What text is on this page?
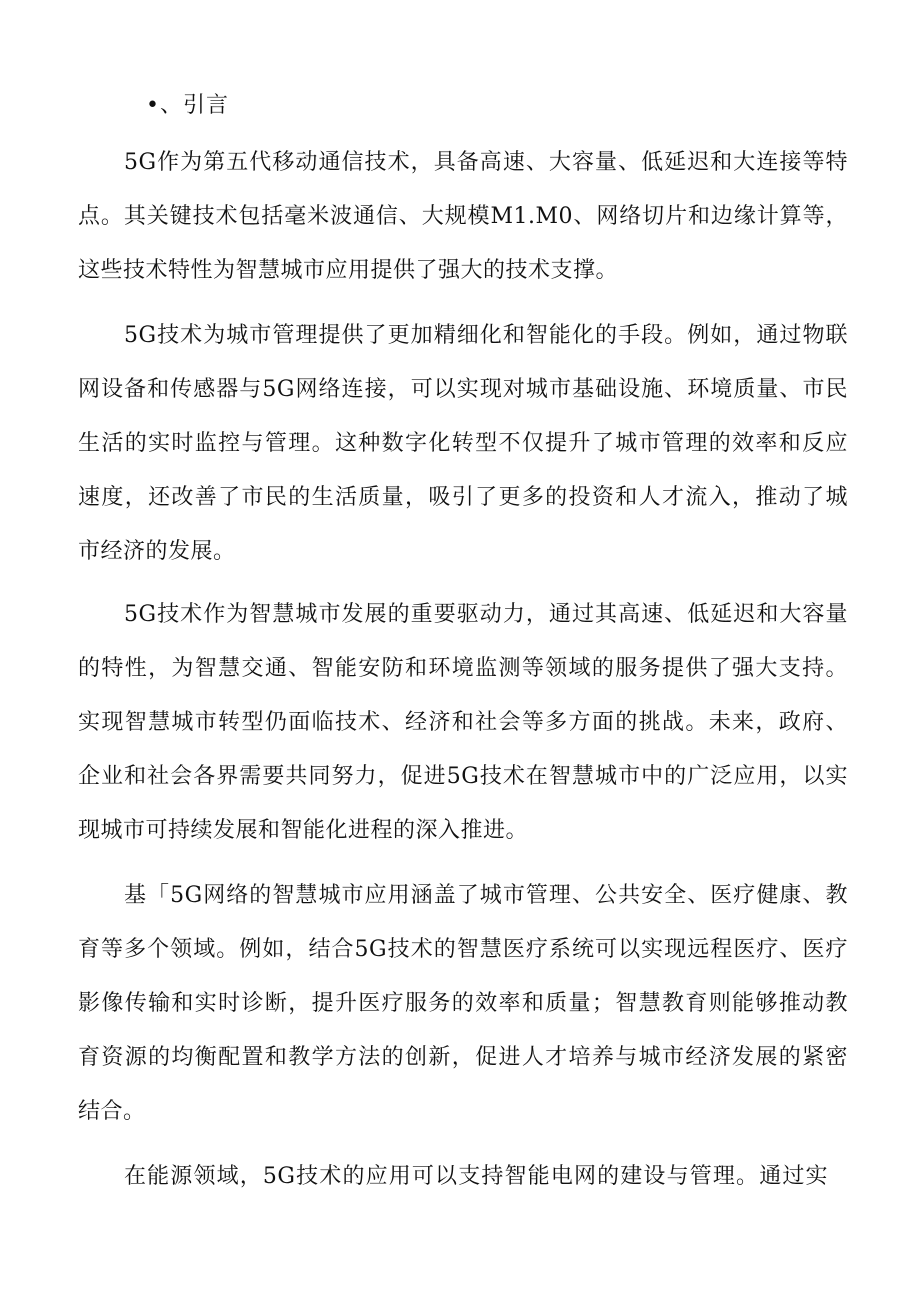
•、引言
5G作为第五代移动通信技术，具备高速、大容量、低延迟和大连接等特
点。其关键技术包括毫米波通信、大规模M1.M0、网络切片和边缘计算等，
这些技术特性为智慧城市应用提供了强大的技术支撑。
5G技术为城市管理提供了更加精细化和智能化的手段。例如，通过物联
网设备和传感器与5G网络连接，可以实现对城市基础设施、环境质量、市民
生活的实时监控与管理。这种数字化转型不仅提升了城市管理的效率和反应
速度，还改善了市民的生活质量，吸引了更多的投资和人才流入，推动了城
市经济的发展。
5G技术作为智慧城市发展的重要驱动力，通过其高速、低延迟和大容量
的特性，为智慧交通、智能安防和环境监测等领域的服务提供了强大支持。
实现智慧城市转型仍面临技术、经济和社会等多方面的挑战。未来，政府、
企业和社会各界需要共同努力，促进5G技术在智慧城市中的广泛应用，以实
现城市可持续发展和智能化进程的深入推进。
基「5G网络的智慧城市应用涵盖了城市管理、公共安全、医疗健康、教
育等多个领域。例如，结合5G技术的智慧医疗系统可以实现远程医疗、医疗
影像传输和实时诊断，提升医疗服务的效率和质量；智慧教育则能够推动教
育资源的均衡配置和教学方法的创新，促进人才培养与城市经济发展的紧密
结合。
在能源领域，5G技术的应用可以支持智能电网的建设与管理。通过实
